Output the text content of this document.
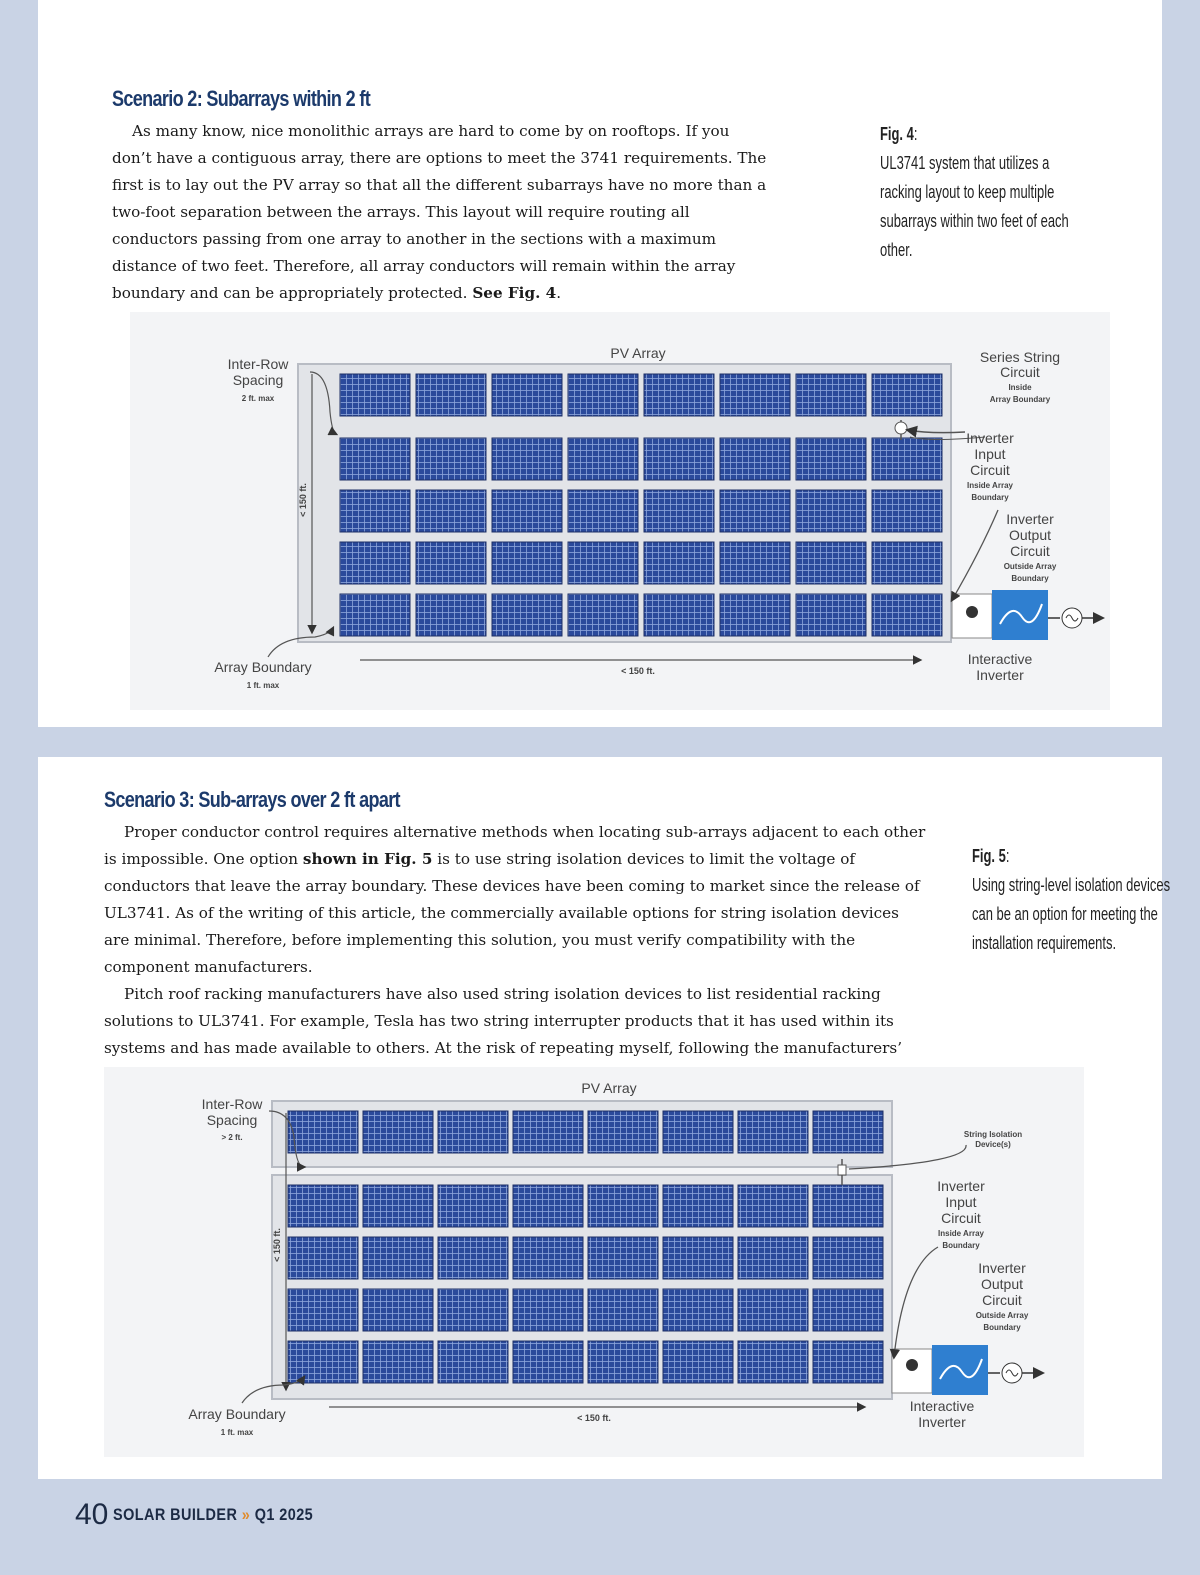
Scenario 2: Subarrays within 2 ft

As many know, nice monolithic arrays are hard to come by on rooftops. If you don’t have a contiguous array, there are options to meet the 3741 requirements. The first is to lay out the PV array so that all the different subarrays have no more than a two-foot separation between the arrays. This layout will require routing all conductors passing from one array to another in the sections with a maximum distance of two feet. Therefore, all array conductors will remain within the array boundary and can be appropriately protected. See Fig. 4.

Fig. 4:
UL3741 system that utilizes a racking layout to keep multiple subarrays within two feet of each other.
< 150 ft.
< 150 ft.
PV Array
Inter-Row
Spacing
2 ft. max
Array Boundary
1 ft. max
Series String
Circuit
Inside
Array Boundary
Inverter
Input
Circuit
Inside Array
Boundary
Inverter
Output
Circuit
Outside Array
Boundary
Interactive
Inverter
Scenario 3: Sub-arrays over 2 ft apart

Proper conductor control requires alternative methods when locating sub-arrays adjacent to each other is impossible. One option shown in Fig. 5 is to use string isolation devices to limit the voltage of conductors that leave the array boundary. These devices have been coming to market since the release of UL3741. As of the writing of this article, the commercially available options for string isolation devices are minimal. Therefore, before implementing this solution, you must verify compatibility with the component manufacturers.

Pitch roof racking manufacturers have also used string isolation devices to list residential racking solutions to UL3741. For example, Tesla has two string interrupter products that it has used within its systems and has made available to others. At the risk of repeating myself, following the manufacturers’

Fig. 5:
Using string-level isolation devices can be an option for meeting the installation requirements.
< 150 ft.
< 150 ft.
PV Array
Inter-Row
Spacing
> 2 ft.
Array Boundary
1 ft. max
String Isolation
Device(s)
Inverter
Input
Circuit
Inside Array
Boundary
Inverter
Output
Circuit
Outside Array
Boundary
Interactive
Inverter
40 SOLAR BUILDER » Q1 2025
